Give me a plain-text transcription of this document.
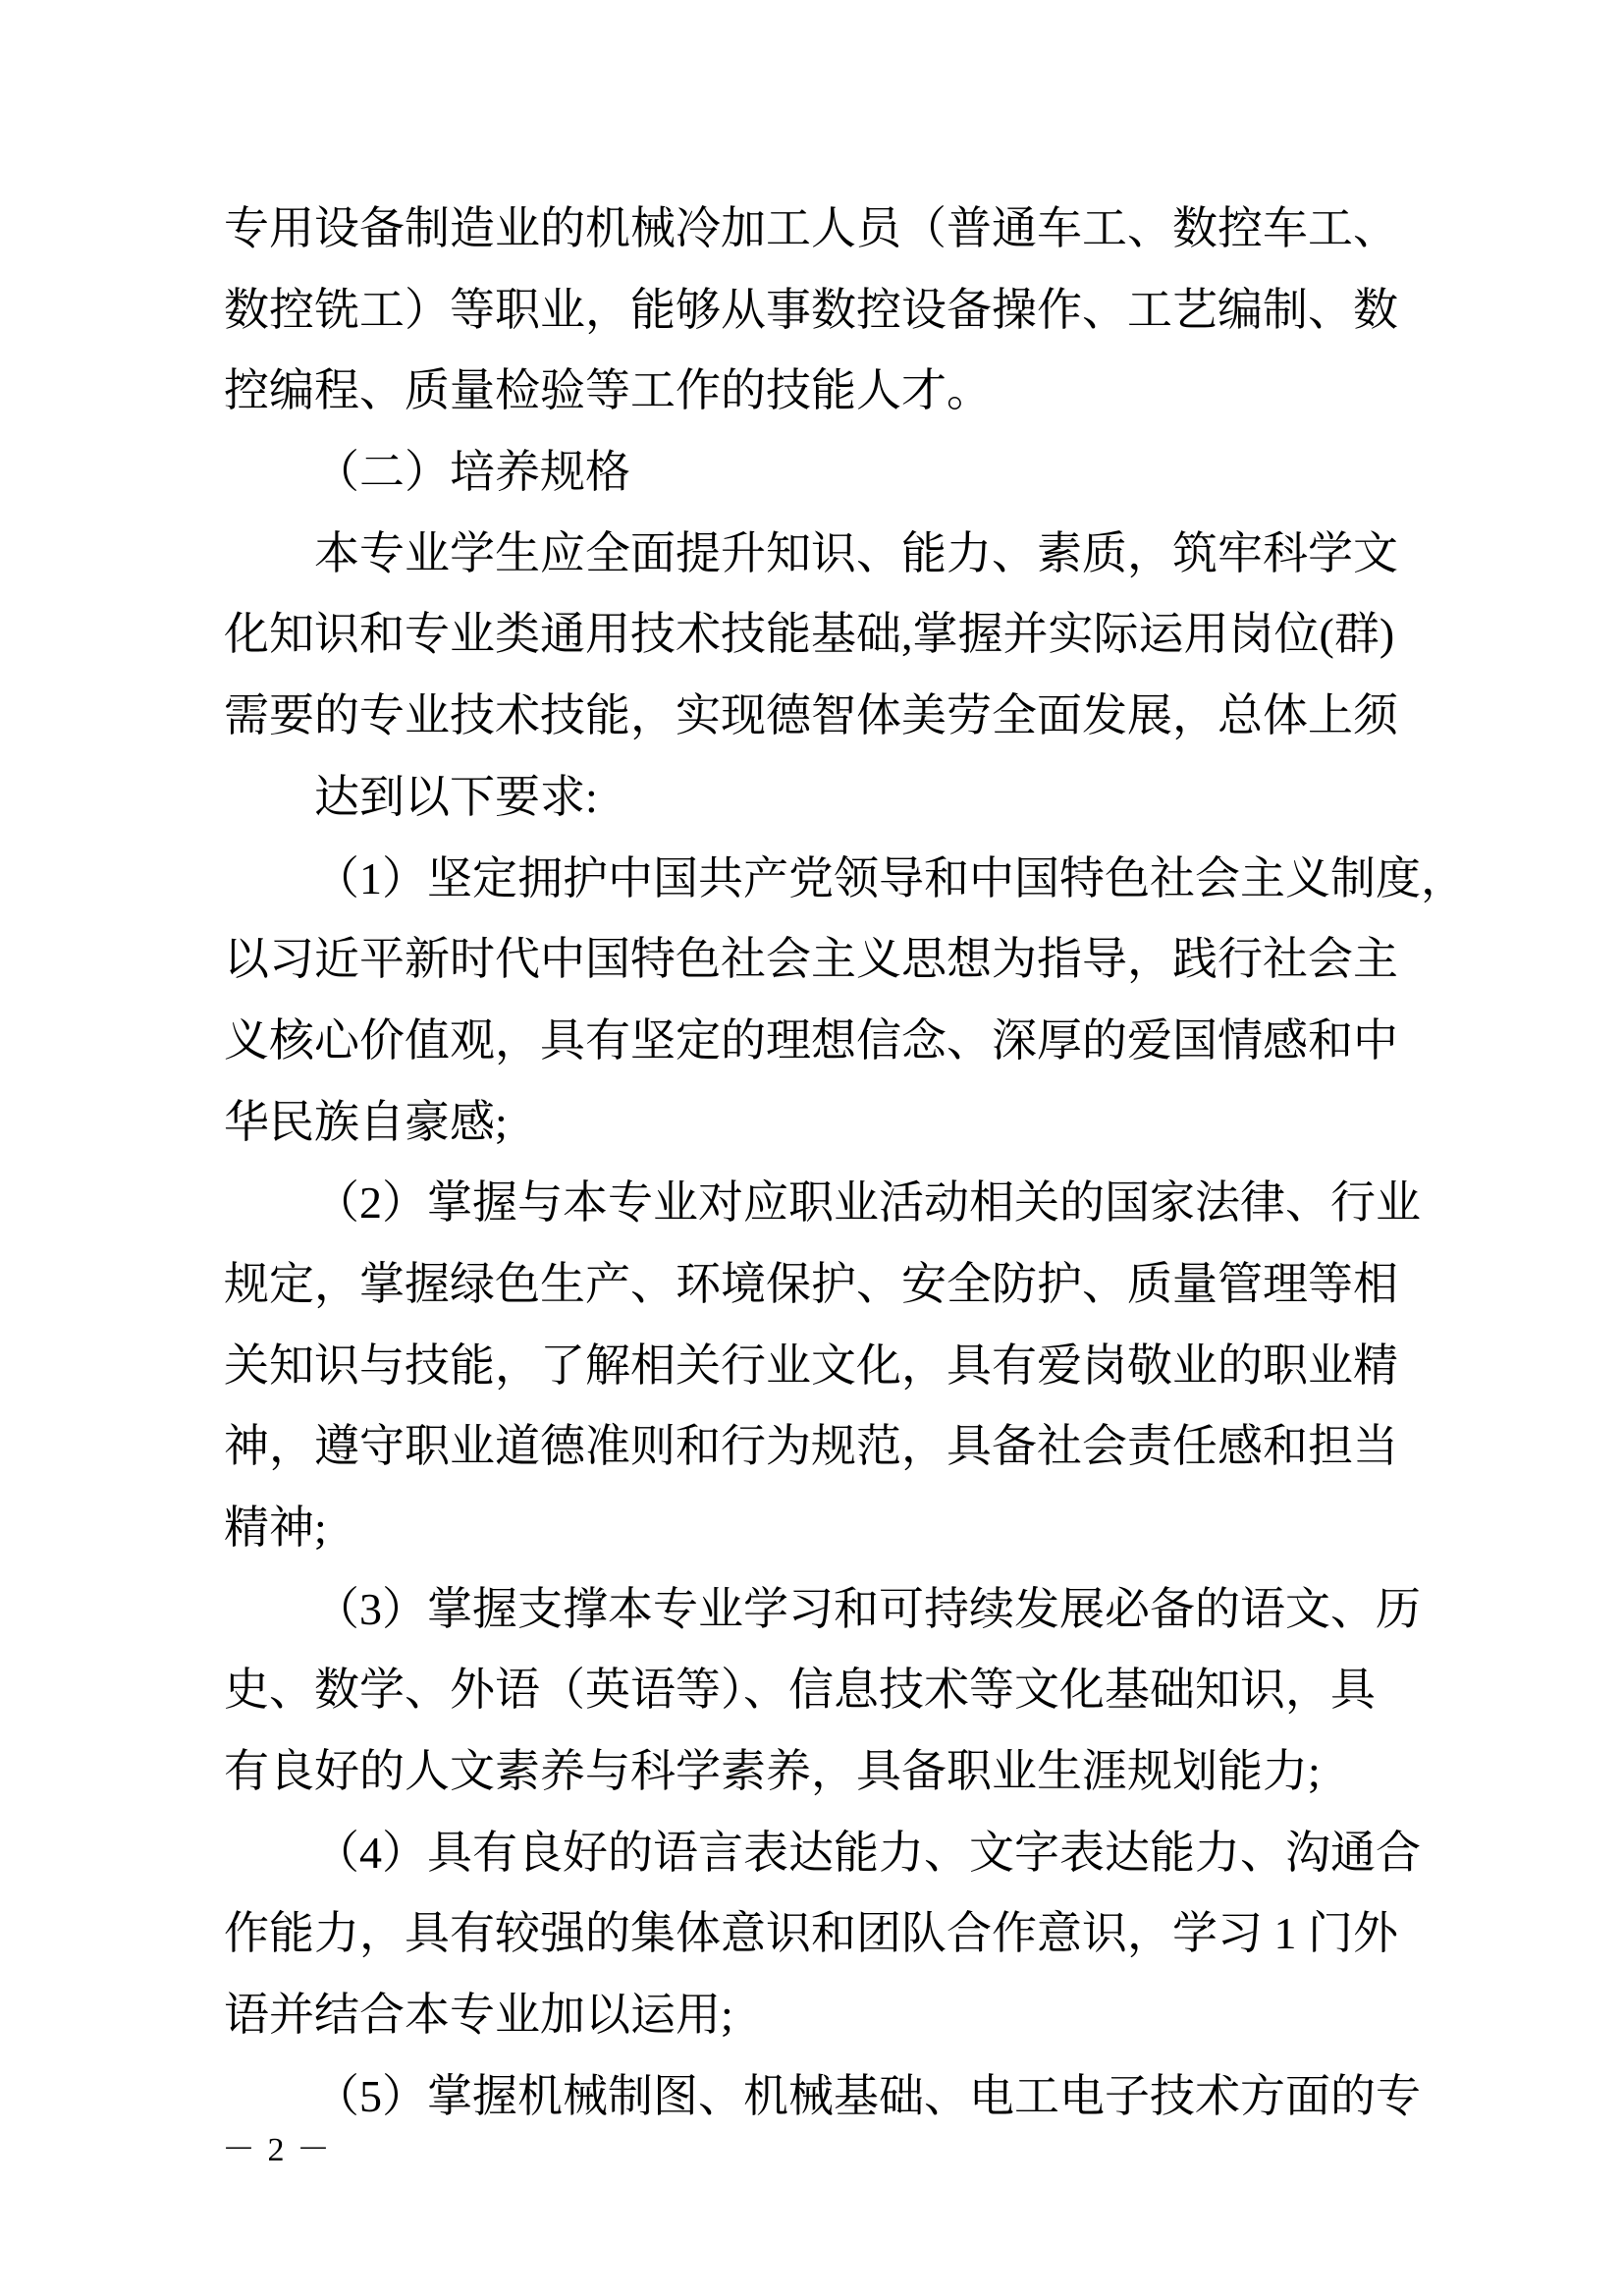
专用设备制造业的机械冷加工人员（普通车工、数控车工、
数控铣工）等职业，能够从事数控设备操作、工艺编制、数
控编程、质量检验等工作的技能人才。
（二）培养规格
本专业学生应全面提升知识、能力、素质，筑牢科学文
化知识和专业类通用技术技能基础,掌握并实际运用岗位(群)
需要的专业技术技能，实现德智体美劳全面发展，总体上须
达到以下要求:
（1）坚定拥护中国共产党领导和中国特色社会主义制度，
以习近平新时代中国特色社会主义思想为指导，践行社会主
义核心价值观，具有坚定的理想信念、深厚的爱国情感和中
华民族自豪感;
（2）掌握与本专业对应职业活动相关的国家法律、行业
规定，掌握绿色生产、环境保护、安全防护、质量管理等相
关知识与技能，了解相关行业文化，具有爱岗敬业的职业精
神，遵守职业道德准则和行为规范，具备社会责任感和担当
精神;
（3）掌握支撑本专业学习和可持续发展必备的语文、历
史、数学、外语（英语等）、信息技术等文化基础知识，具
有良好的人文素养与科学素养，具备职业生涯规划能力;
（4）具有良好的语言表达能力、文字表达能力、沟通合
作能力，具有较强的集体意识和团队合作意识，学习 1 门外
语并结合本专业加以运用;
（5）掌握机械制图、机械基础、电工电子技术方面的专
－ 2 －
